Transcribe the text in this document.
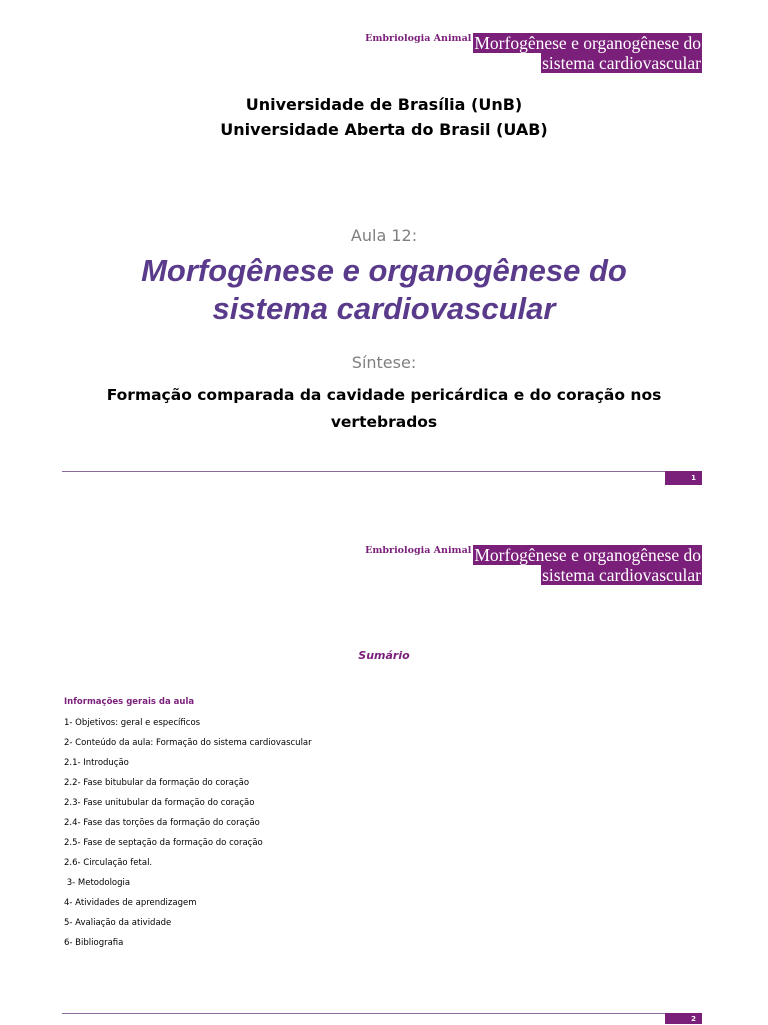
$^{Embriologia Animal}$ Morfogênese e organogênese do
sistema cardiovascular
Universidade de Brasília (UnB)
Universidade Aberta do Brasil (UAB)
Aula 12:
Morfogênese e organogênese do
sistema cardiovascular
Síntese:
Formação comparada da cavidade pericárdica e do coração nos vertebrados
1
$^{Embriologia Animal}$ Morfogênese e organogênese do
sistema cardiovascular
Sumário
Informações gerais da aula
1- Objetivos: geral e específicos
2- Conteúdo da aula: Formação do sistema cardiovascular
2.1- Introdução
2.2- Fase bitubular da formação do coração
2.3- Fase unitubular da formação do coração
2.4- Fase das torções da formação do coração
2.5- Fase de septação da formação do coração
2.6- Circulação fetal.
3- Metodologia
4- Atividades de aprendizagem
5- Avaliação da atividade
6- Bibliografia
2
